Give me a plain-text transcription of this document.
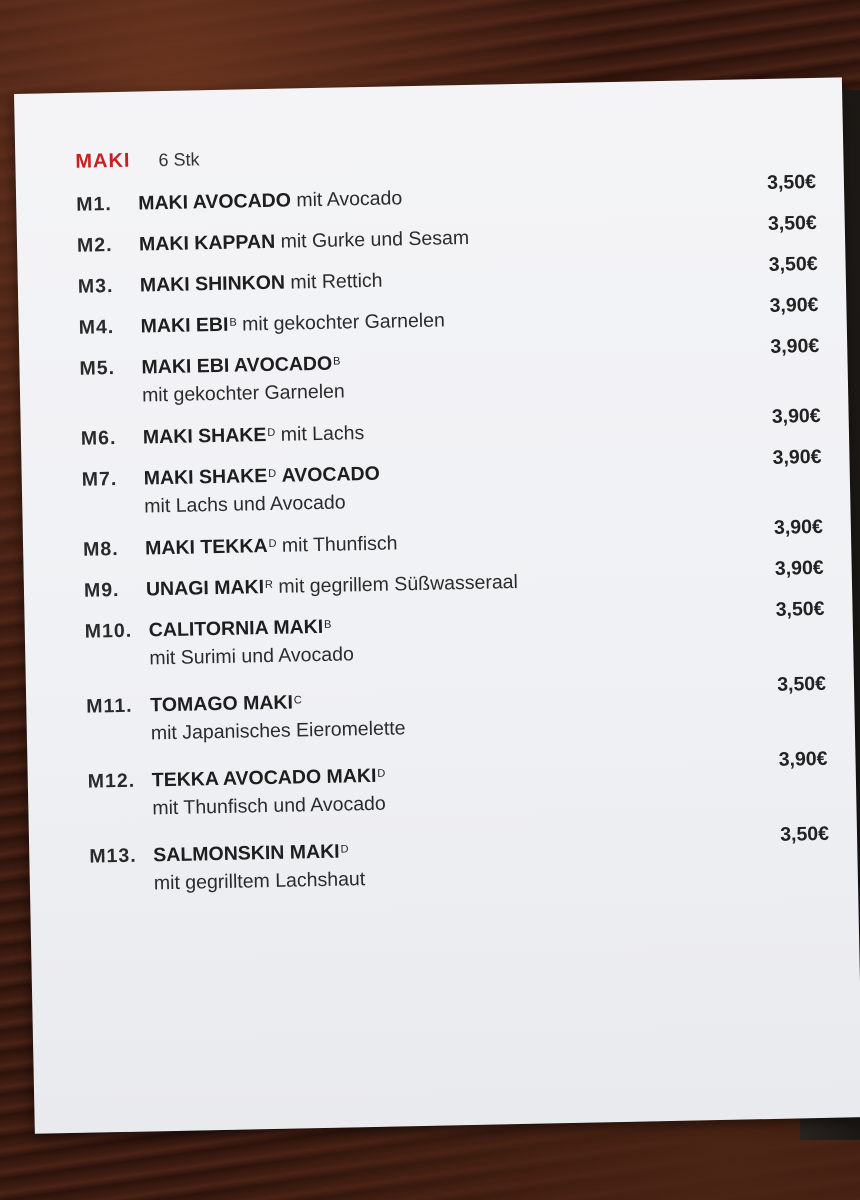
MAKI 6 Stk
M1.	MAKI AVOCADO mit Avocado
3,50€
M2.	MAKI KAPPAN mit Gurke und Sesam
3,50€
M3.	MAKI SHINKON mit Rettich
3,50€
M4.	MAKI $EBI^B$ mit gekochter Garnelen
3,90€
M5.	MAKI EBI $AVOCADO^B$
mit gekochter Garnelen
3,90€
M6.	MAKI $SHAKE^D$ mit Lachs
3,90€
M7.	MAKI $SHAKE^D$ AVOCADO
mit Lachs und Avocado
3,90€
M8.	MAKI $TEKKA^D$ mit Thunfisch
3,90€
M9.	UNAGI $MAKI^R$ mit gegrillem Süßwasseraal
3,90€
M10. CALITORNIA $MAKI^B$
mit Surimi und Avocado
3,50€
M11. TOMAGO $MAKI^C$
mit Japanisches Eieromelette
3,50€
M12. TEKKA AVOCADO $MAKI^D$
mit Thunfisch und Avocado
3,90€
M13. SALMONSKIN $MAKI^D$
mit gegrilltem Lachshaut
3,50€
